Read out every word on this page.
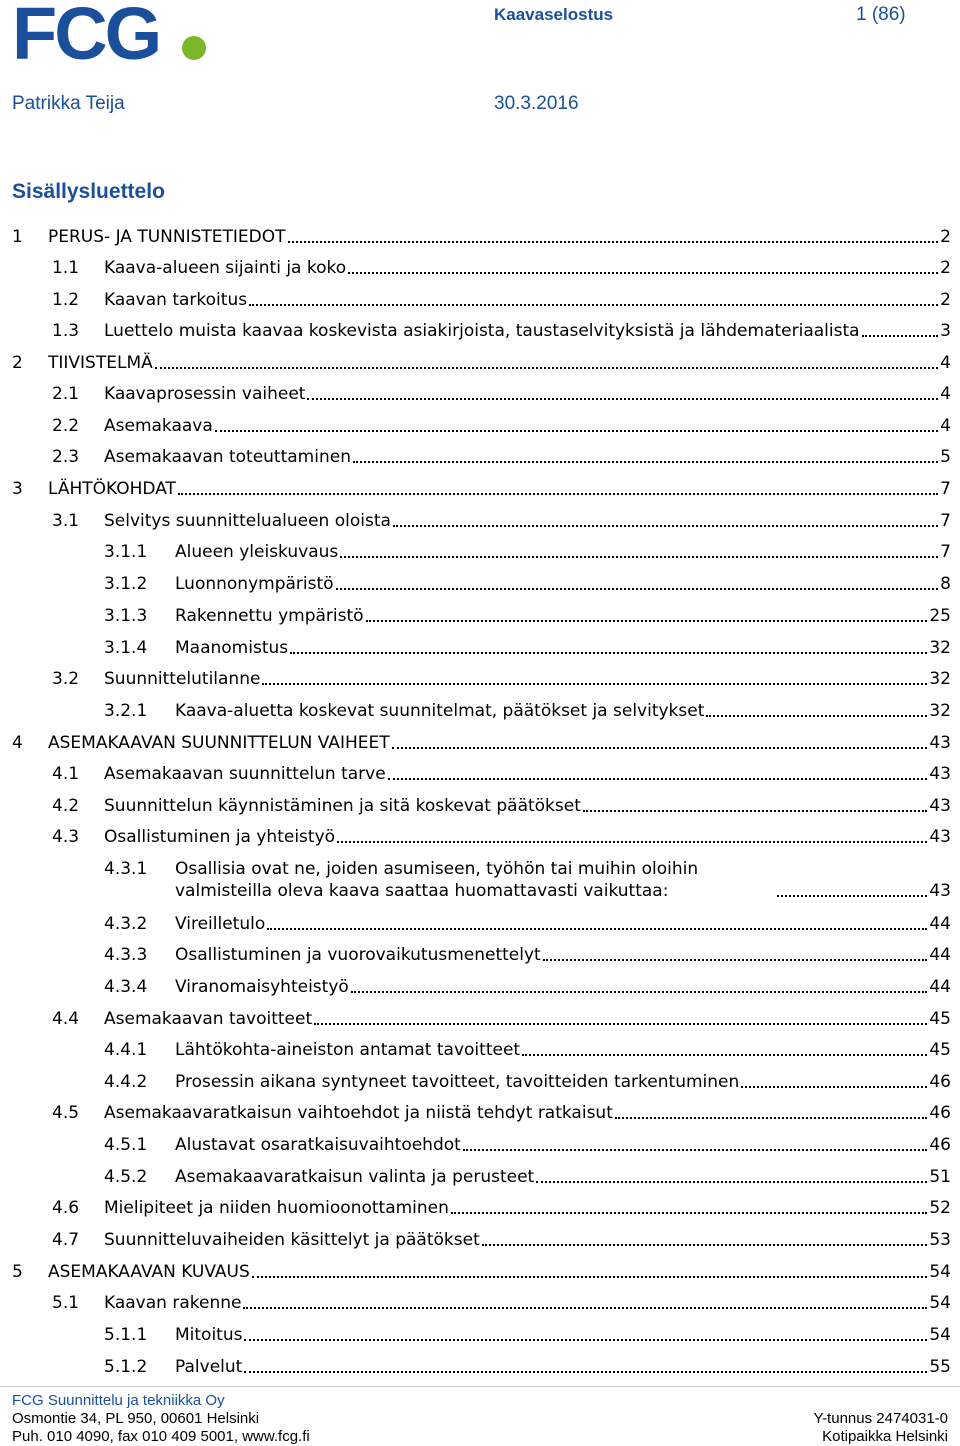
FCG	Kaavaselostus	1 (86)
Patrikka Teija	30.3.2016
Sisällysluettelo
1	PERUS- JA TUNNISTETIEDOT	2
1.1	Kaava-alueen sijainti ja koko	2
1.2	Kaavan tarkoitus	2
1.3	Luettelo muista kaavaa koskevista asiakirjoista, taustaselvityksistä ja lähdemateriaalista	3
2	TIIVISTELMÄ	4
2.1	Kaavaprosessin vaiheet	4
2.2	Asemakaava	4
2.3	Asemakaavan toteuttaminen	5
3	LÄHTÖKOHDAT	7
3.1	Selvitys suunnittelualueen oloista	7
3.1.1	Alueen yleiskuvaus	7
3.1.2	Luonnonympäristö	8
3.1.3	Rakennettu ympäristö	25
3.1.4	Maanomistus	32
3.2	Suunnittelutilanne	32
3.2.1	Kaava-aluetta koskevat suunnitelmat, päätökset ja selvitykset	32
4	ASEMAKAAVAN SUUNNITTELUN VAIHEET	43
4.1	Asemakaavan suunnittelun tarve	43
4.2	Suunnittelun käynnistäminen ja sitä koskevat päätökset	43
4.3	Osallistuminen ja yhteistyö	43
4.3.1	Osallisia ovat ne, joiden asumiseen, työhön tai muihin oloihin valmisteilla oleva kaava saattaa huomattavasti vaikuttaa:	43
4.3.2	Vireilletulo	44
4.3.3	Osallistuminen ja vuorovaikutusmenettelyt	44
4.3.4	Viranomaisyhteistyö	44
4.4	Asemakaavan tavoitteet	45
4.4.1	Lähtökohta-aineiston antamat tavoitteet	45
4.4.2	Prosessin aikana syntyneet tavoitteet, tavoitteiden tarkentuminen	46
4.5	Asemakaavaratkaisun vaihtoehdot ja niistä tehdyt ratkaisut	46
4.5.1	Alustavat osaratkaisuvaihtoehdot	46
4.5.2	Asemakaavaratkaisun valinta ja perusteet	51
4.6	Mielipiteet ja niiden huomioonottaminen	52
4.7	Suunnitteluvaiheiden käsittelyt ja päätökset	53
5	ASEMAKAAVAN KUVAUS	54
5.1	Kaavan rakenne	54
5.1.1	Mitoitus	54
5.1.2	Palvelut	55
FCG Suunnittelu ja tekniikka Oy
Osmontie 34, PL 950, 00601 Helsinki
Puh. 010 4090, fax 010 409 5001, www.fcg.fi
Y-tunnus 2474031-0
Kotipaikka Helsinki
